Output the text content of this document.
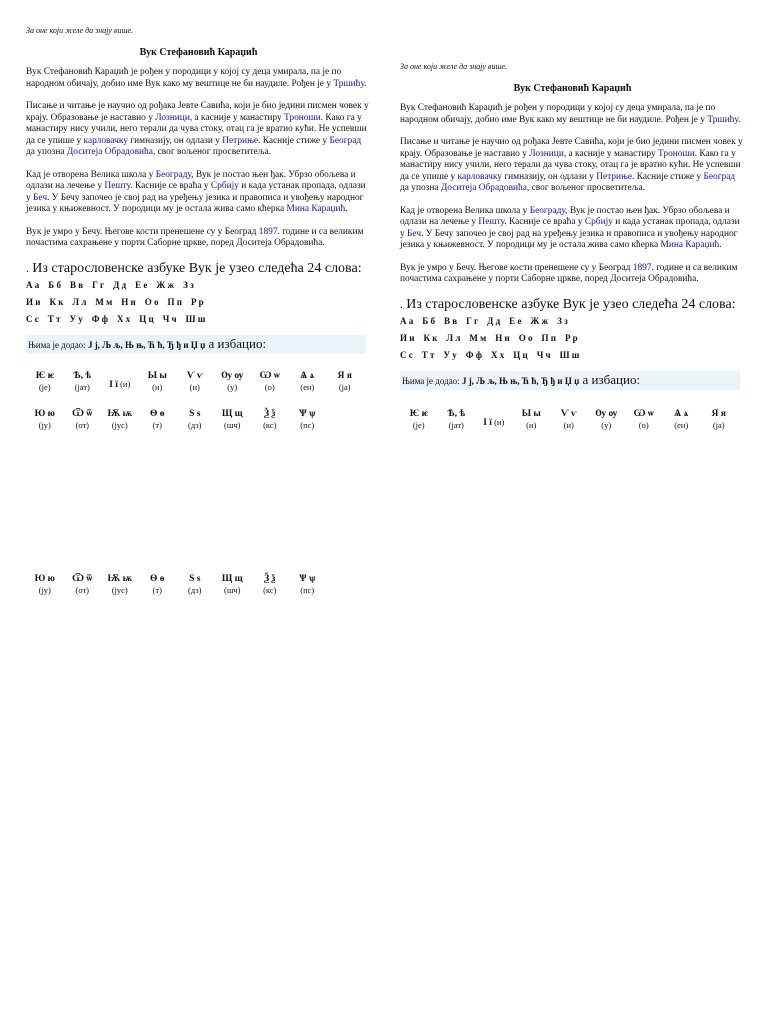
За оне који желе да знају више.

Вук Стефановић Караџић

Вук Стефановић Караџић је рођен у породици у којој су деца умирала, па је по народном обичају, добио име Вук како му вештице не би наудиле. Рођен је у Тршићу.

Писање и читање је научио од рођака Јевте Савића, који је био једини писмен човек у крају. Образовање је наставио у Лозници, а касније у манастиру Троноши. Како га у манастиру нису учили, него терали да чува стоку, отац га је вратио кући. Не успевши да се упише у карловачку гимназију, он одлази у Петриње. Касније стиже у Београд да упозна Доситеја Обрадовића, свог вољеног просветитеља.

Кад је отворена Велика школа у Београду, Вук је постао њен ђак. Убрзо обољева и одлази на лечење у Пешту. Касније се враћа у Србију и када устанак пропада, одлази у Беч. У Бечу започео је свој рад на уређењу језика и правописа и увођењу народног језика у књижевност. У породици му је остала жива само кћерка Мина Караџић.

Вук је умро у Бечу. Његове кости пренешене су у Београд 1897. године и са великим почастима сахрањене у порти Саборне цркве, поред Доситеја Обрадовића.

. Из старословенске азбуке Вук је узео следећа 24 слова:

А а Б б В в Г г Д д Е е Ж ж З з
И и К к Л л М м Н н О о П п Р р
С с Т т У у Ф ф Х х Ц ц Ч ч Ш ш
Њима је додао: Ј ј, Љ љ, Њ њ, Ћ ћ, Ђ ђ и Џ џ а избацио:
Ѥ ѥ
(је)
Ѣ, ѣ
(јат)	І ї (и)
Ы ы
(и)
Ѵ ѵ
(и)
Ѹ ѹ
(у)
Ѡ ѡ
(о)
Ѧ ѧ
(ен)
Я я
(ја)
Ю ю
(ју)
Ѿ ѿ
(от)
Ѭ ѭ
(јус)
Ѳ ѳ
(т)
Ѕ ѕ
(дз)
Щ щ
(шч)
Ѯ ѯ
(кс)
Ѱ ѱ
(пс)
Ю ю
(ју)
Ѿ ѿ
(от)
Ѭ ѭ
(јус)
Ѳ ѳ
(т)
Ѕ ѕ
(дз)
Щ щ
(шч)
Ѯ ѯ
(кс)
Ѱ ѱ
(пс)

За оне који желе да знају више.

Вук Стефановић Караџић

Вук Стефановић Караџић је рођен у породици у којој су деца умирала, па је по народном обичају, добио име Вук како му вештице не би наудиле. Рођен је у Тршићу.

Писање и читање је научио од рођака Јевте Савића, који је био једини писмен човек у крају. Образовање је наставио у Лозници, а касније у манастиру Троноши. Како га у манастиру нису учили, него терали да чува стоку, отац га је вратио кући. Не успевши да се упише у карловачку гимназију, он одлази у Петриње. Касније стиже у Београд да упозна Доситеја Обрадовића, свог вољеног просветитеља.

Кад је отворена Велика школа у Београду, Вук је постао њен ђак. Убрзо обољева и одлази на лечење у Пешту. Касније се враћа у Србију и када устанак пропада, одлази у Беч. У Бечу започео је свој рад на уређењу језика и правописа и увођењу народног језика у књижевност. У породици му је остала жива само кћерка Мина Караџић.

Вук је умро у Бечу. Његове кости пренешене су у Београд 1897. године и са великим почастима сахрањене у порти Саборне цркве, поред Доситеја Обрадовића.

. Из старословенске азбуке Вук је узео следећа 24 слова:

А а Б б В в Г г Д д Е е Ж ж З з
И и К к Л л М м Н н О о П п Р р
С с Т т У у Ф ф Х х Ц ц Ч ч Ш ш
Њима је додао: Ј ј, Љ љ, Њ њ, Ћ ћ, Ђ ђ и Џ џ а избацио:
Ѥ ѥ
(је)
Ѣ, ѣ
(јат)	І ї (и)
Ы ы
(и)
Ѵ ѵ
(и)
Ѹ ѹ
(у)
Ѡ ѡ
(о)
Ѧ ѧ
(ен)
Я я
(ја)
